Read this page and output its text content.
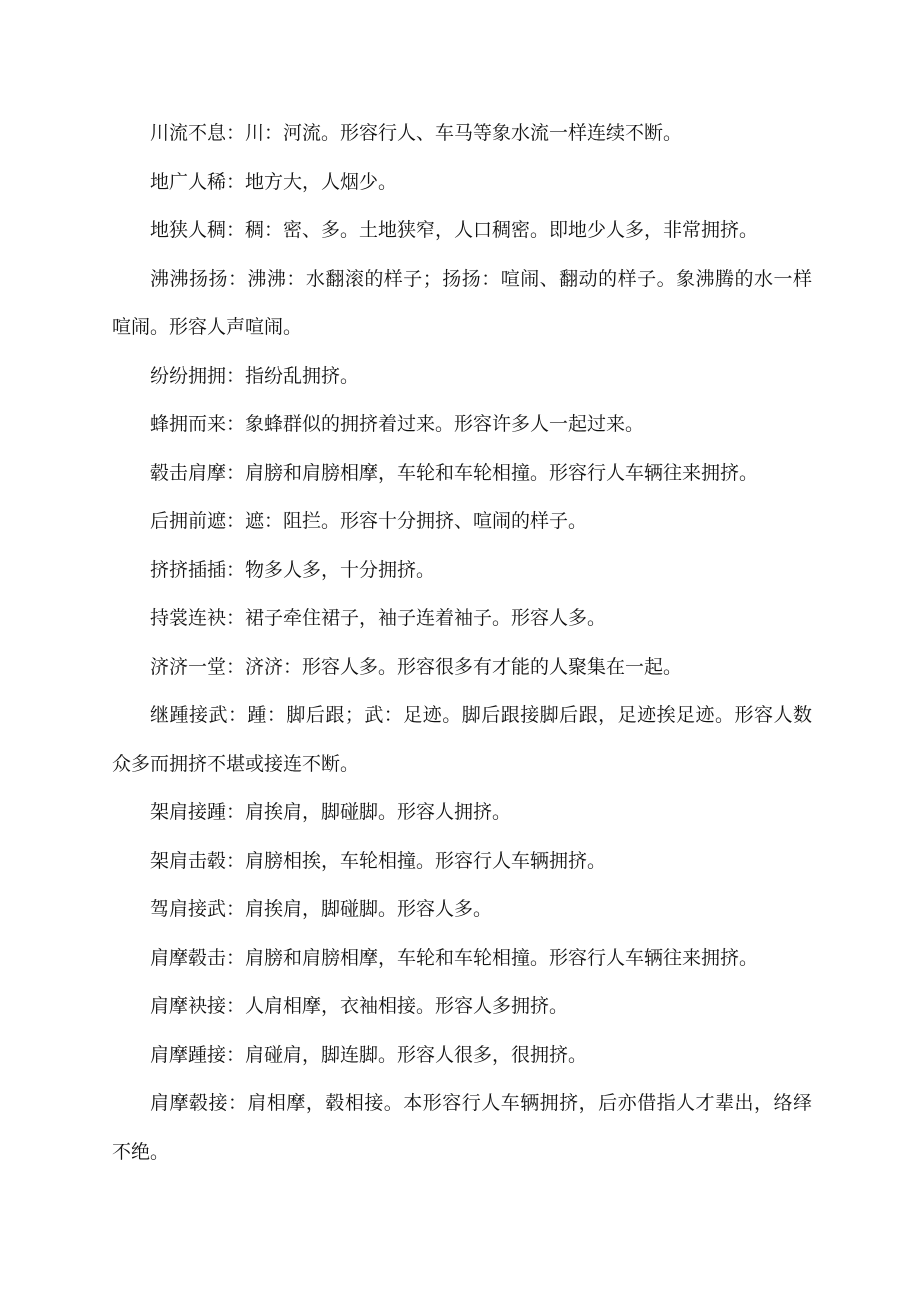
川流不息：川：河流。形容行人、车马等象水流一样连续不断。

地广人稀：地方大，人烟少。

地狭人稠：稠：密、多。土地狭窄，人口稠密。即地少人多，非常拥挤。

沸沸扬扬：沸沸：水翻滚的样子；扬扬：喧闹、翻动的样子。象沸腾的水一样喧闹。形容人声喧闹。

纷纷拥拥：指纷乱拥挤。

蜂拥而来：象蜂群似的拥挤着过来。形容许多人一起过来。

毂击肩摩：肩膀和肩膀相摩，车轮和车轮相撞。形容行人车辆往来拥挤。

后拥前遮：遮：阻拦。形容十分拥挤、喧闹的样子。

挤挤插插：物多人多，十分拥挤。

持裳连袂：裙子牵住裙子，袖子连着袖子。形容人多。

济济一堂：济济：形容人多。形容很多有才能的人聚集在一起。

继踵接武：踵：脚后跟；武：足迹。脚后跟接脚后跟，足迹挨足迹。形容人数众多而拥挤不堪或接连不断。

架肩接踵：肩挨肩，脚碰脚。形容人拥挤。

架肩击毂：肩膀相挨，车轮相撞。形容行人车辆拥挤。

驾肩接武：肩挨肩，脚碰脚。形容人多。

肩摩毂击：肩膀和肩膀相摩，车轮和车轮相撞。形容行人车辆往来拥挤。

肩摩袂接：人肩相摩，衣袖相接。形容人多拥挤。

肩摩踵接：肩碰肩，脚连脚。形容人很多，很拥挤。

肩摩毂接：肩相摩，毂相接。本形容行人车辆拥挤，后亦借指人才辈出，络绎不绝。
